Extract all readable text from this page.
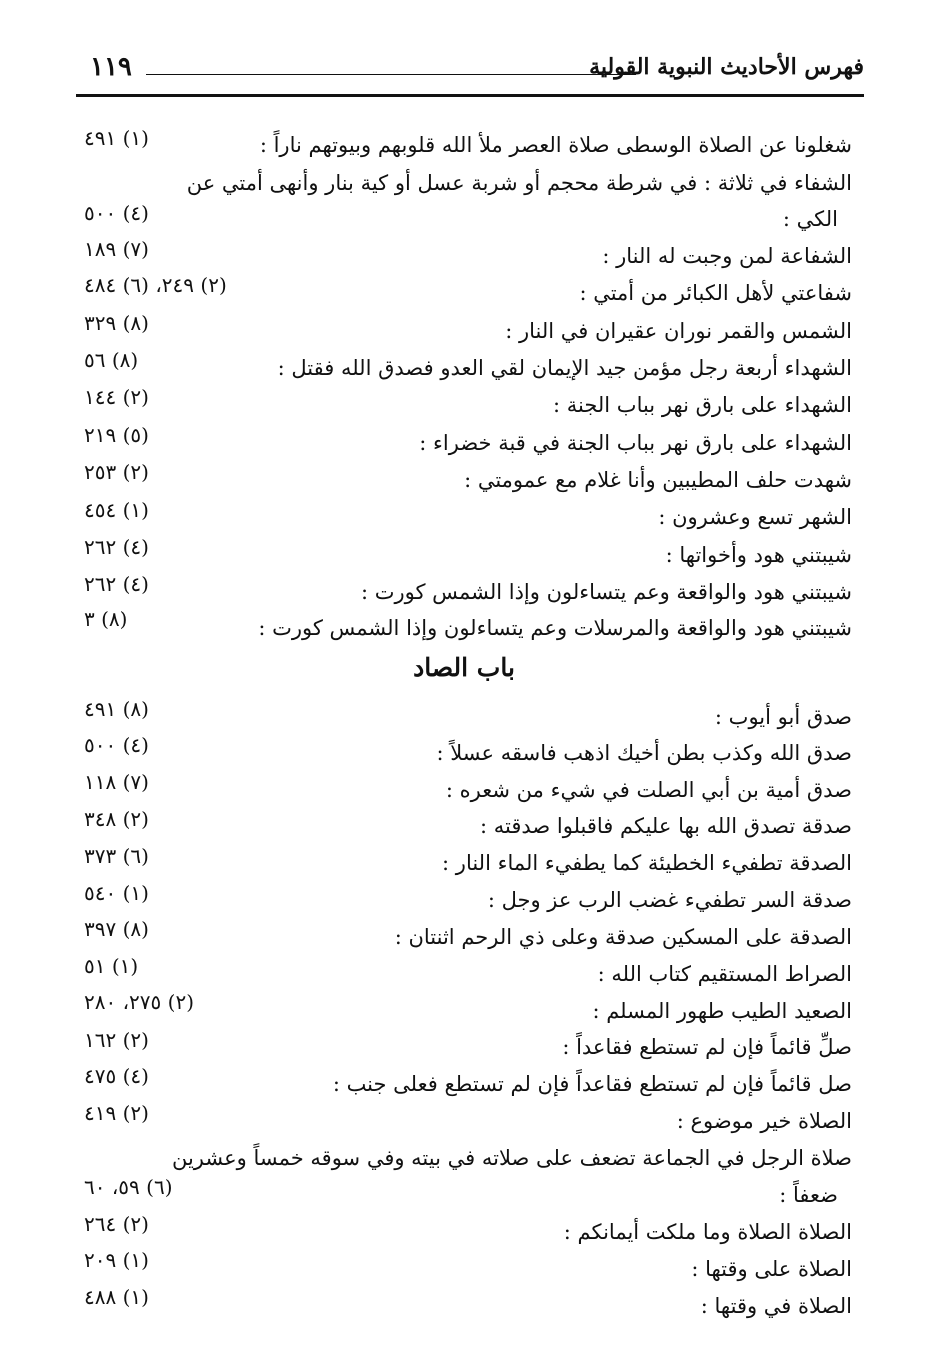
١١٩	فهرس الأحاديث النبوية القولية
شغلونا عن الصلاة الوسطى صلاة العصر ملأ الله قلوبهم وبيوتهم ناراً :
(١) ٤٩١
الشفاء في ثلاثة : في شرطة محجم أو شربة عسل أو كية بنار وأنهى أمتي عن
الكي :
(٤) ٥٠٠
الشفاعة لمن وجبت له النار :
(٧) ١٨٩
شفاعتي لأهل الكبائر من أمتي :
(٢) ٢٤٩، (٦) ٤٨٤
الشمس والقمر نوران عقيران في النار :
(٨) ٣٢٩
الشهداء أربعة رجل مؤمن جيد الإيمان لقي العدو فصدق الله فقتل :
(٨) ٥٦
الشهداء على بارق نهر بباب الجنة :
(٢) ١٤٤
الشهداء على بارق نهر بباب الجنة في قبة خضراء :
(٥) ٢١٩
شهدت حلف المطيبين وأنا غلام مع عمومتي :
(٢) ٢٥٣
الشهر تسع وعشرون :
(١) ٤٥٤
شيبتني هود وأخواتها :
(٤) ٢٦٢
شيبتني هود والواقعة وعم يتساءلون وإذا الشمس كورت :
(٤) ٢٦٢
شيبتني هود والواقعة والمرسلات وعم يتساءلون وإذا الشمس كورت :
(٨) ٣
صدق أبو أيوب :
(٨) ٤٩١
صدق الله وكذب بطن أخيك اذهب فاسقه عسلاً :
(٤) ٥٠٠
صدق أمية بن أبي الصلت في شيء من شعره :
(٧) ١١٨
صدقة تصدق الله بها عليكم فاقبلوا صدقته :
(٢) ٣٤٨
الصدقة تطفيء الخطيئة كما يطفيء الماء النار :
(٦) ٣٧٣
صدقة السر تطفيء غضب الرب عز وجل :
(١) ٥٤٠
الصدقة على المسكين صدقة وعلى ذي الرحم اثنتان :
(٨) ٣٩٧
الصراط المستقيم كتاب الله :
(١) ٥١
الصعيد الطيب طهور المسلم :
(٢) ٢٧٥، ٢٨٠
صلِّ قائماً فإن لم تستطع فقاعداً :
(٢) ١٦٢
صل قائماً فإن لم تستطع فقاعداً فإن لم تستطع فعلى جنب :
(٤) ٤٧٥
الصلاة خير موضوع :
(٢) ٤١٩
صلاة الرجل في الجماعة تضعف على صلاته في بيته وفي سوقه خمساً وعشرين
ضعفاً :
(٦) ٥٩، ٦٠
الصلاة الصلاة وما ملكت أيمانكم :
(٢) ٢٦٤
الصلاة على وقتها :
(١) ٢٠٩
الصلاة في وقتها :
(١) ٤٨٨
باب الصاد
